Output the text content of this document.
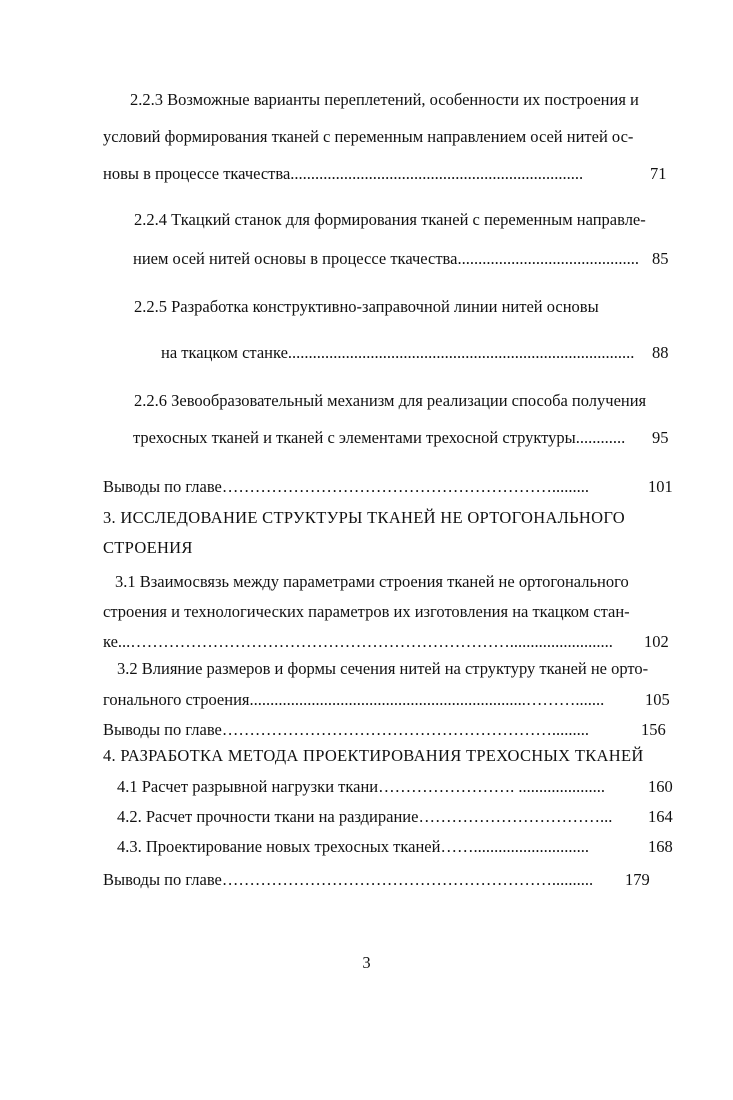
2.2.3 Возможные варианты переплетений, особенности их построения и
условий формирования тканей с переменным направлением осей нитей ос-
новы в процессе ткачества.......................................................................	71
2.2.4 Ткацкий станок для формирования тканей с переменным направле-
нием осей нитей основы в процессе ткачества............................................ 85
2.2.5 Разработка конструктивно-заправочной линии нитей основы
на ткацком станке....................................................................................	88
2.2.6 Зевообразовательный механизм для реализации способа получения
трехосных тканей и тканей с элементами трехосной структуры............	95
Выводы по главе…………………………………………………….........	101
3. ИССЛЕДОВАНИЕ СТРУКТУРЫ ТКАНЕЙ НЕ ОРТОГОНАЛЬНОГО
СТРОЕНИЯ
3.1 Взаимосвязь между параметрами строения тканей не ортогонального
строения и технологических параметров их изготовления на ткацком стан-
ке...…………………………………………………………….........................	102
3.2 Влияние размеров и формы сечения нитей на структуру тканей не орто-
гонального строения...................................................................……….......	105
Выводы по главе…………………………………………………….........	156
4. РАЗРАБОТКА МЕТОДА ПРОЕКТИРОВАНИЯ ТРЕХОСНЫХ ТКАНЕЙ
4.1 Расчет разрывной нагрузки ткани……………………. .....................	160
4.2. Расчет прочности ткани на раздирание……………………………...	164
4.3. Проектирование новых трехосных тканей……............................	168
Выводы по главе……………………………………………………..........	179
3
